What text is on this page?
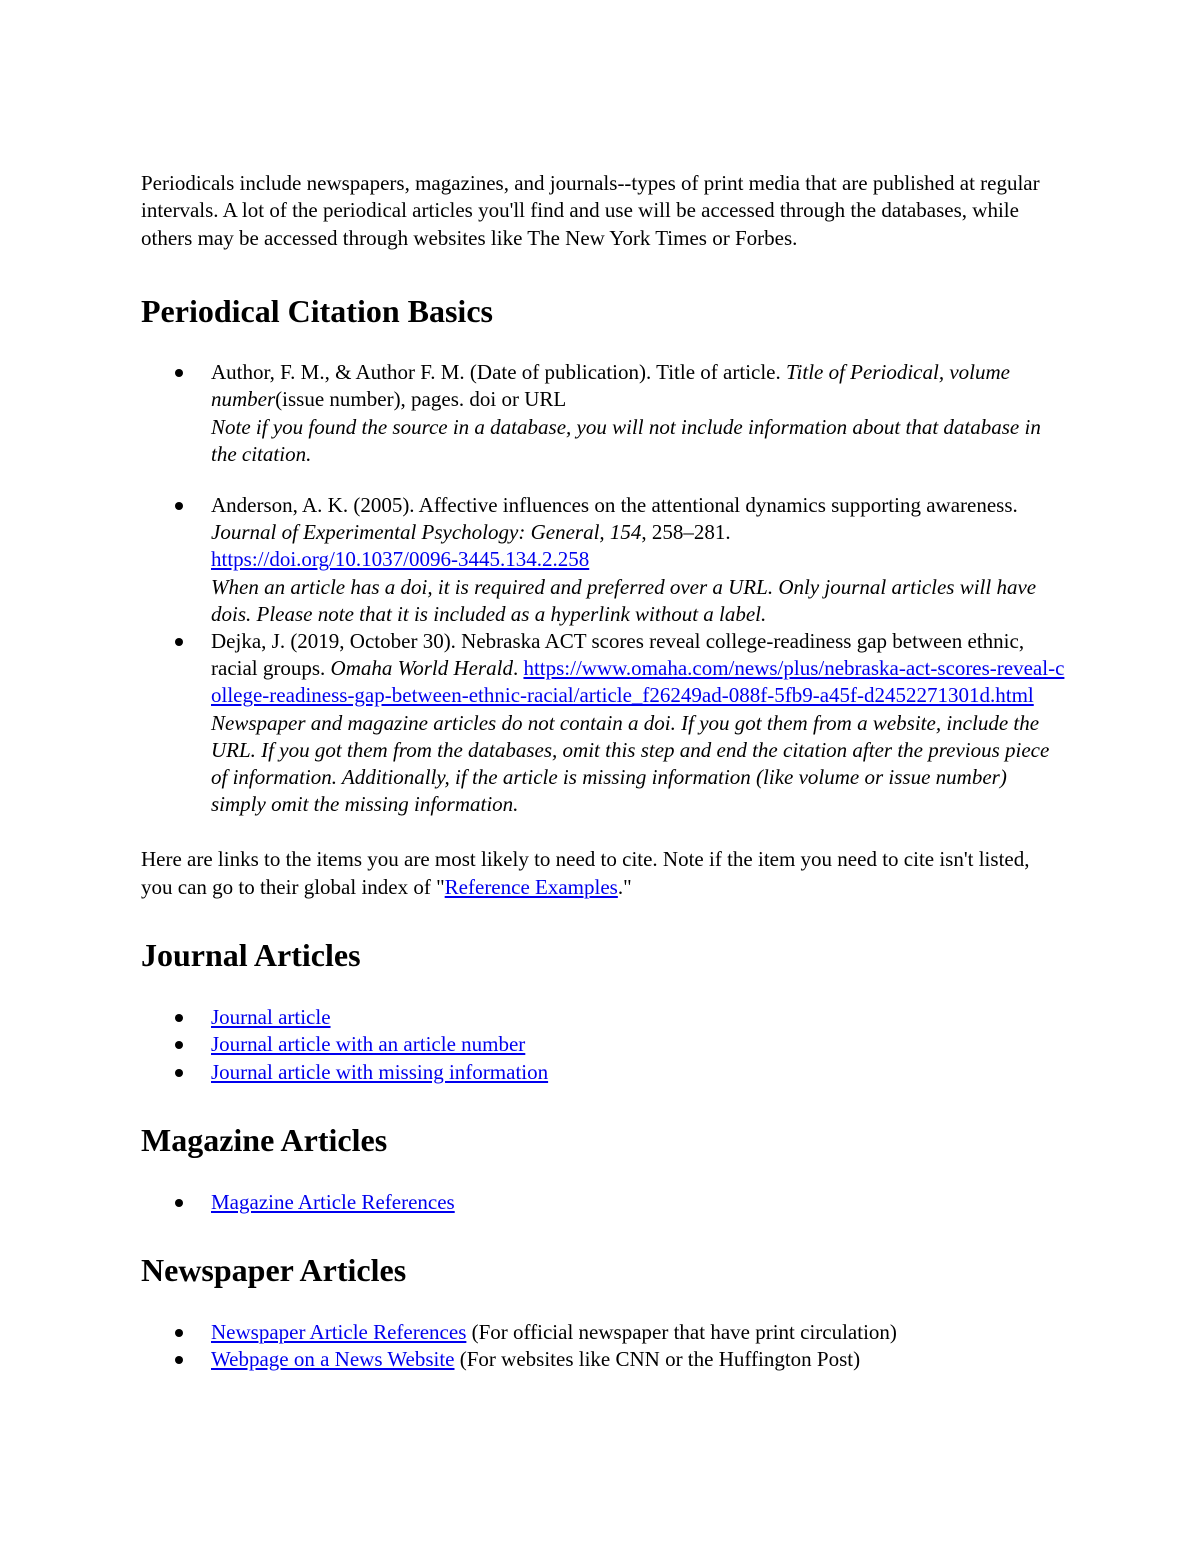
Periodicals include newspapers, magazines, and journals--types of print media that are published at regular intervals. A lot of the periodical articles you'll find and use will be accessed through the databases, while others may be accessed through websites like The New York Times or Forbes.

Periodical Citation Basics
Author, F. M., & Author F. M. (Date of publication). Title of article. Title of Periodical, volume number(issue number), pages. doi or URL
Note if you found the source in a database, you will not include information about that database in the citation.
Anderson, A. K. (2005). Affective influences on the attentional dynamics supporting awareness. Journal of Experimental Psychology: General, 154, 258–281.
https://doi.org/10.1037/0096-3445.134.2.258
When an article has a doi, it is required and preferred over a URL. Only journal articles will have dois. Please note that it is included as a hyperlink without a label.
Dejka, J. (2019, October 30). Nebraska ACT scores reveal college-readiness gap between ethnic, racial groups. Omaha World Herald. https://www.omaha.com/news/plus/nebraska-act-scores-reveal-college-readiness-gap-between-ethnic-racial/article_f26249ad-088f-5fb9-a45f-d2452271301d.html
Newspaper and magazine articles do not contain a doi. If you got them from a website, include the URL. If you got them from the databases, omit this step and end the citation after the previous piece of information. Additionally, if the article is missing information (like volume or issue number) simply omit the missing information.

Here are links to the items you are most likely to need to cite. Note if the item you need to cite isn't listed, you can go to their global index of "Reference Examples."

Journal Articles
Journal article
Journal article with an article number
Journal article with missing information
Magazine Articles
Magazine Article References
Newspaper Articles
Newspaper Article References (For official newspaper that have print circulation)
Webpage on a News Website (For websites like CNN or the Huffington Post)
